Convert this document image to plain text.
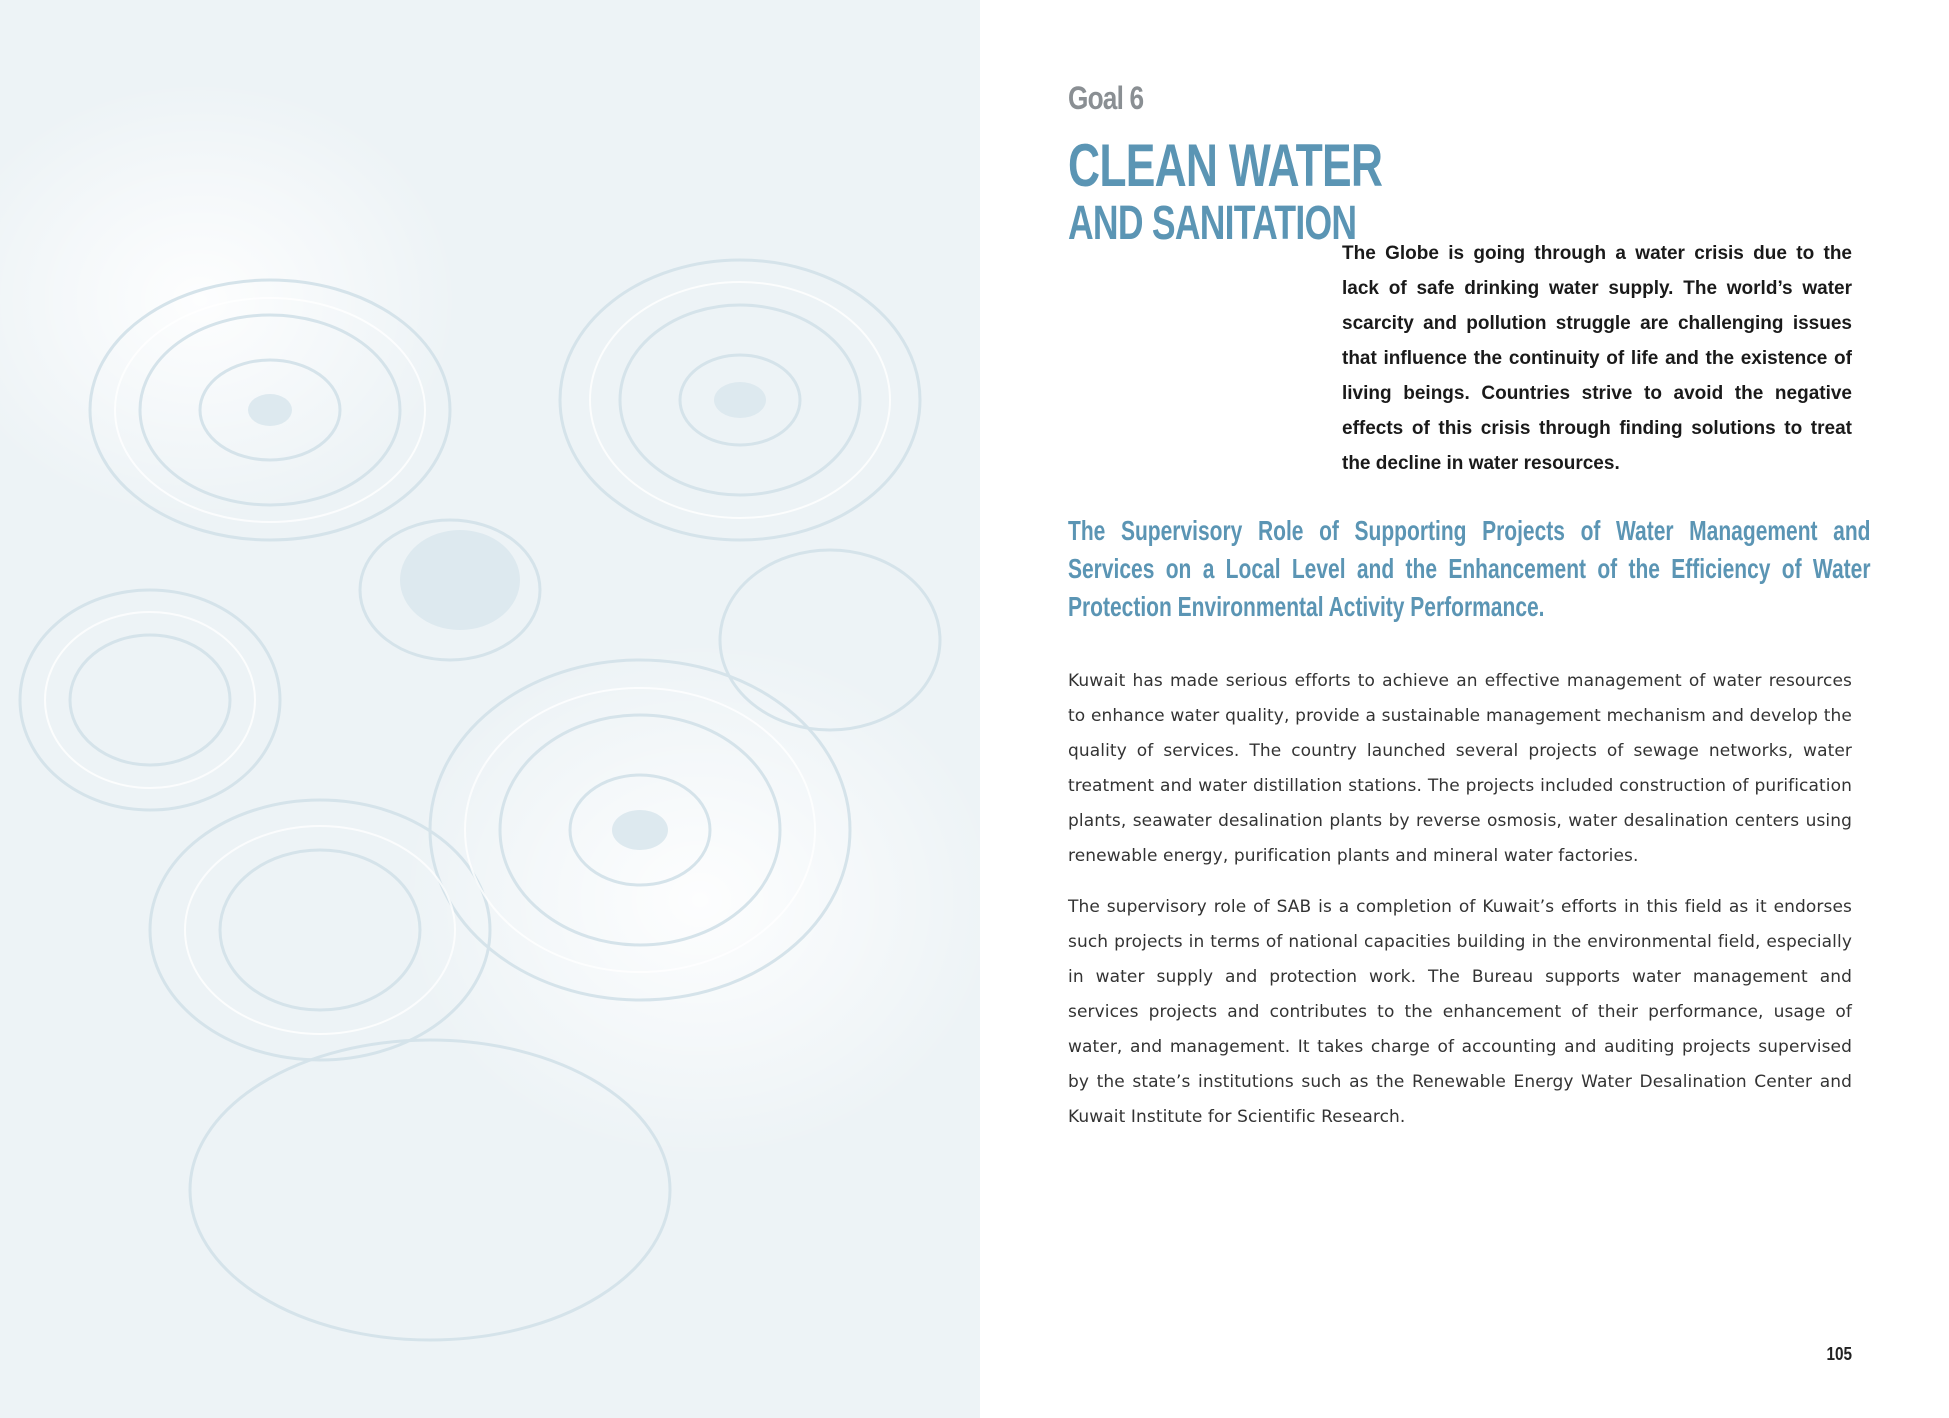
Goal 6

CLEAN WATER
AND SANITATION

The Globe is going through a water crisis due to the lack of safe drinking water supply. The world’s water scarcity and pollution struggle are challenging issues that influence the continuity of life and the existence of living beings. Countries strive to avoid the negative effects of this crisis through finding solutions to treat the decline in water resources.

The Supervisory Role of Supporting Projects of Water Management and Services on a Local Level and the Enhancement of the Efficiency of Water Protection Environmental Activity Performance.

Kuwait has made serious efforts to achieve an effective management of water resources to enhance water quality, provide a sustainable management mechanism and develop the quality of services. The country launched several projects of sewage networks, water treatment and water distillation stations. The projects included construction of purification plants, seawater desalination plants by reverse osmosis, water desalination centers using renewable energy, purification plants and mineral water factories.

The supervisory role of SAB is a completion of Kuwait’s efforts in this field as it endorses such projects in terms of national capacities building in the environmental field, especially in water supply and protection work. The Bureau supports water management and services projects and contributes to the enhancement of their performance, usage of water, and management. It takes charge of accounting and auditing projects supervised by the state’s institutions such as the Renewable Energy Water Desalination Center and Kuwait Institute for Scientific Research.

105
